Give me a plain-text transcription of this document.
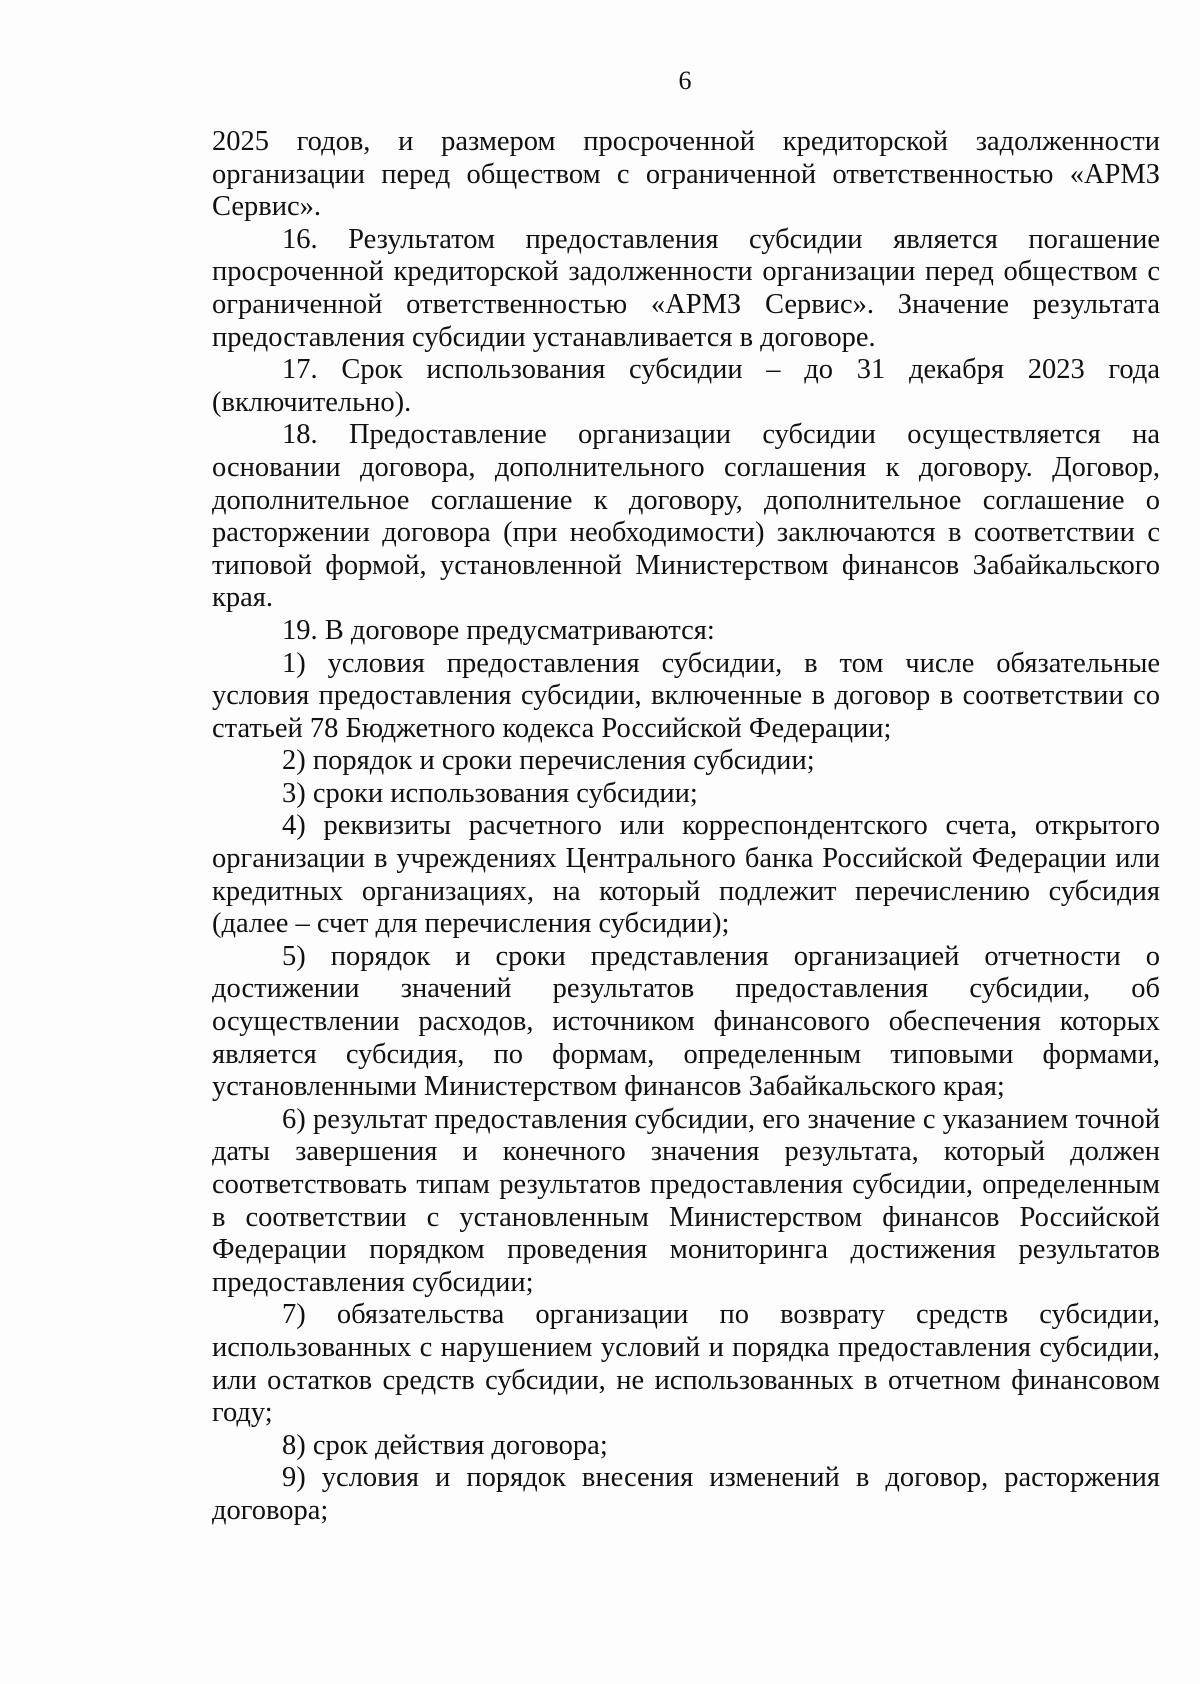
6

2025 годов, и размером просроченной кредиторской задолженности организации перед обществом с ограниченной ответственностью «АРМЗ Сервис».

16. Результатом предоставления субсидии является погашение просроченной кредиторской задолженности организации перед обществом с ограниченной ответственностью «АРМЗ Сервис». Значение результата предоставления субсидии устанавливается в договоре.

17. Срок использования субсидии – до 31 декабря 2023 года (включительно).

18. Предоставление организации субсидии осуществляется на основании договора, дополнительного соглашения к договору. Договор, дополнительное соглашение к договору, дополнительное соглашение о расторжении договора (при необходимости) заключаются в соответствии с типовой формой, установленной Министерством финансов Забайкальского края.

19. В договоре предусматриваются:

1) условия предоставления субсидии, в том числе обязательные условия предоставления субсидии, включенные в договор в соответствии со статьей 78 Бюджетного кодекса Российской Федерации;

2) порядок и сроки перечисления субсидии;

3) сроки использования субсидии;

4) реквизиты расчетного или корреспондентского счета, открытого организации в учреждениях Центрального банка Российской Федерации или кредитных организациях, на который подлежит перечислению субсидия (далее – счет для перечисления субсидии);

5) порядок и сроки представления организацией отчетности о достижении значений результатов предоставления субсидии, об осуществлении расходов, источником финансового обеспечения которых является субсидия, по формам, определенным типовыми формами, установленными Министерством финансов Забайкальского края;

6) результат предоставления субсидии, его значение с указанием точной даты завершения и конечного значения результата, который должен соответствовать типам результатов предоставления субсидии, определенным в соответствии с установленным Министерством финансов Российской Федерации порядком проведения мониторинга достижения результатов предоставления субсидии;

7) обязательства организации по возврату средств субсидии, использованных с нарушением условий и порядка предоставления субсидии, или остатков средств субсидии, не использованных в отчетном финансовом году;

8) срок действия договора;

9) условия и порядок внесения изменений в договор, расторжения договора;
